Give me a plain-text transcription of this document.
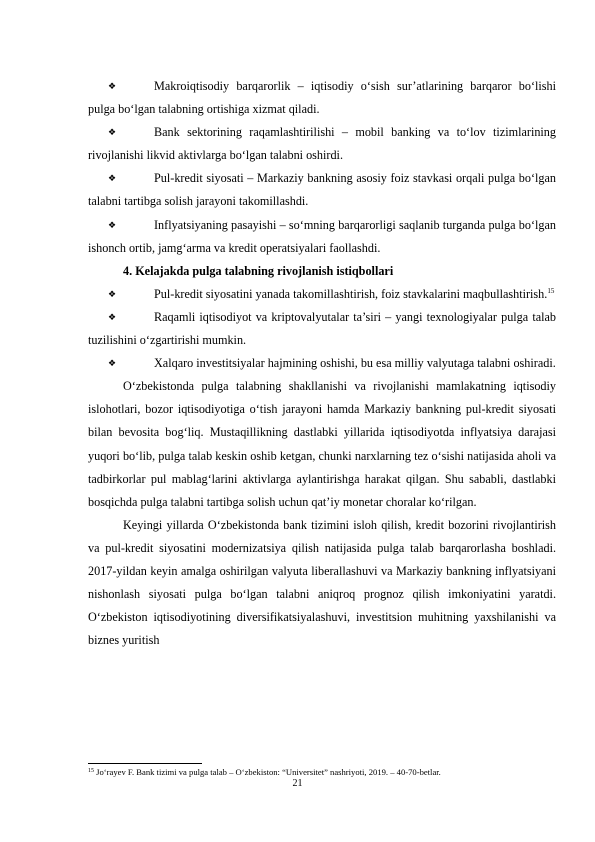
❖	Makroiqtisodiy barqarorlik – iqtisodiy o‘sish sur’atlarining barqaror bo‘lishi pulga bo‘lgan talabning ortishiga xizmat qiladi.

❖	Bank sektorining raqamlashtirilishi – mobil banking va to‘lov tizimlarining rivojlanishi likvid aktivlarga bo‘lgan talabni oshirdi.

❖	Pul-kredit siyosati – Markaziy bankning asosiy foiz stavkasi orqali pulga bo‘lgan talabni tartibga solish jarayoni takomillashdi.

❖	Inflyatsiyaning pasayishi – so‘mning barqarorligi saqlanib turganda pulga bo‘lgan ishonch ortib, jamg‘arma va kredit operatsiyalari faollashdi.

4. Kelajakda pulga talabning rivojlanish istiqbollari

❖	Pul-kredit siyosatini yanada takomillashtirish, foiz stavkalarini maqbullashtirish.$^{15}$

❖	Raqamli iqtisodiyot va kriptovalyutalar ta’siri – yangi texnologiyalar pulga talab tuzilishini o‘zgartirishi mumkin.

❖	Xalqaro investitsiyalar hajmining oshishi, bu esa milliy valyutaga talabni oshiradi.

O‘zbekistonda pulga talabning shakllanishi va rivojlanishi mamlakatning iqtisodiy islohotlari, bozor iqtisodiyotiga o‘tish jarayoni hamda Markaziy bankning pul-kredit siyosati bilan bevosita bog‘liq. Mustaqillikning dastlabki yillarida iqtisodiyotda inflyatsiya darajasi yuqori bo‘lib, pulga talab keskin oshib ketgan, chunki narxlarning tez o‘sishi natijasida aholi va tadbirkorlar pul mablag‘larini aktivlarga aylantirishga harakat qilgan. Shu sababli, dastlabki bosqichda pulga talabni tartibga solish uchun qat’iy monetar choralar ko‘rilgan.

Keyingi yillarda O‘zbekistonda bank tizimini isloh qilish, kredit bozorini rivojlantirish va pul-kredit siyosatini modernizatsiya qilish natijasida pulga talab barqarorlasha boshladi. 2017-yildan keyin amalga oshirilgan valyuta liberallashuvi va Markaziy bankning inflyatsiyani nishonlash siyosati pulga bo‘lgan talabni aniqroq prognoz qilish imkoniyatini yaratdi. O‘zbekiston iqtisodiyotining diversifikatsiyalashuvi, investitsion muhitning yaxshilanishi va biznes yuritish

$^{15}$ Jo‘rayev F. Bank tizimi va pulga talab – O‘zbekiston: “Universitet” nashriyoti, 2019. – 40-70-betlar.
21
